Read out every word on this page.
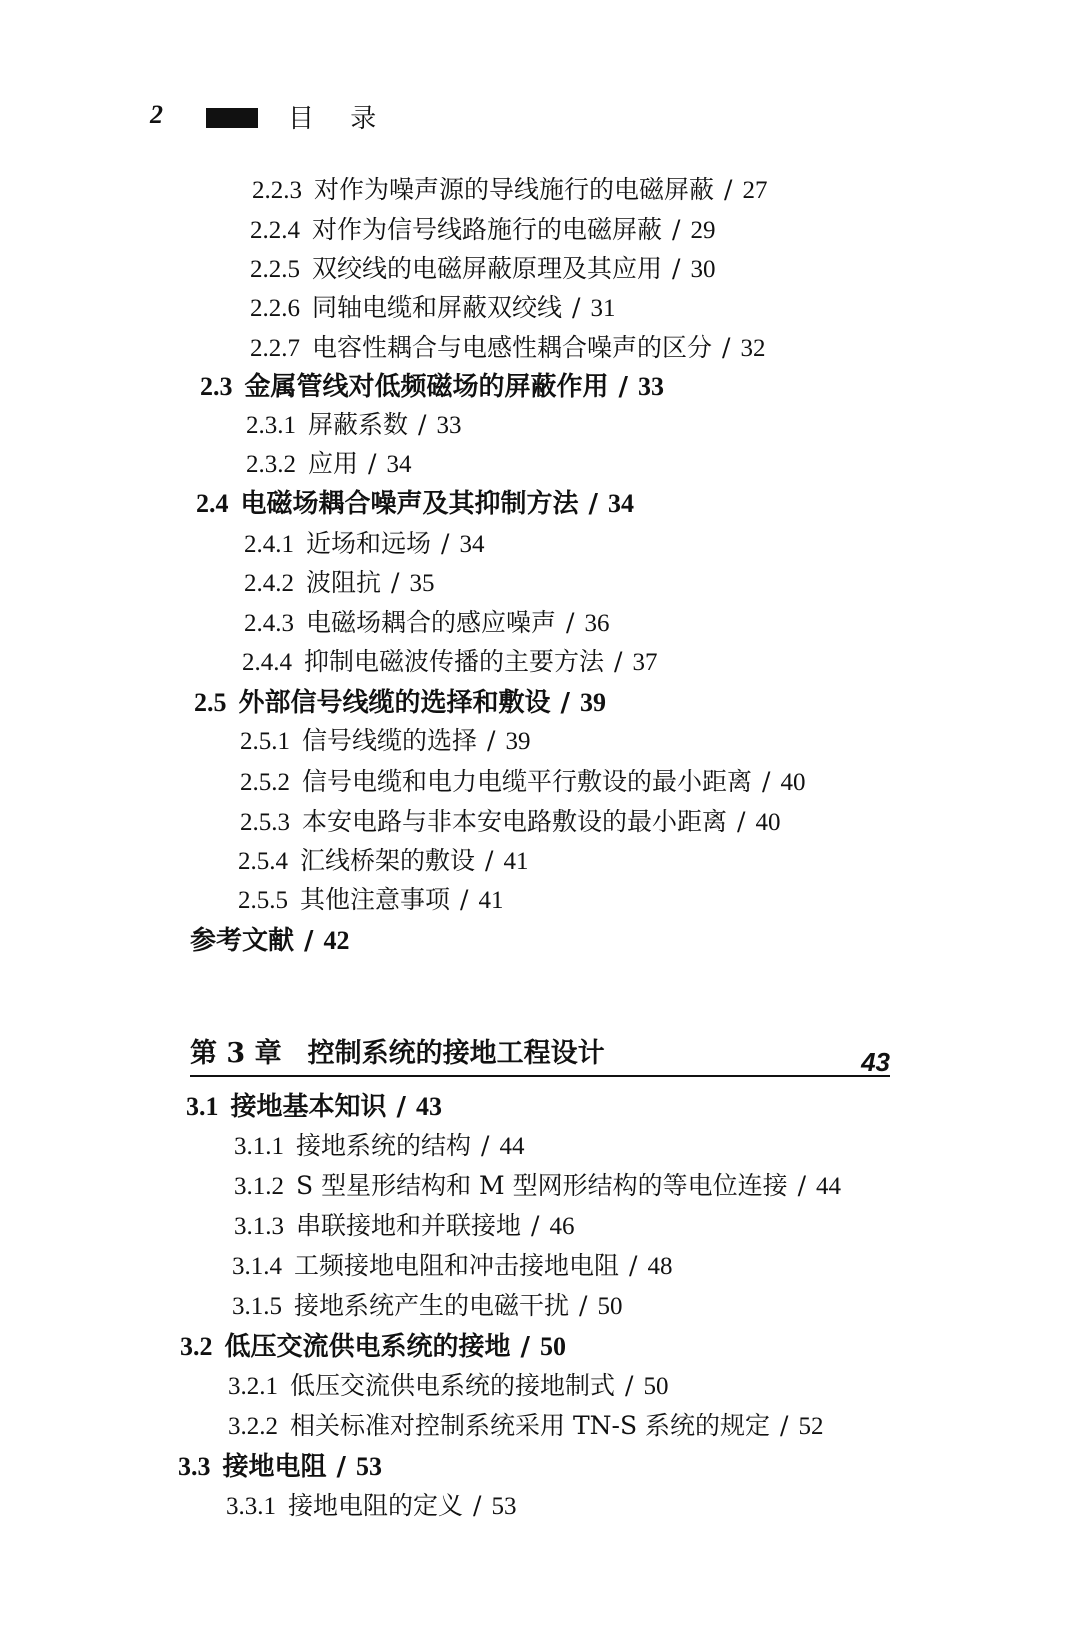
2	目 录
2.2.3 对作为噪声源的导线施行的电磁屏蔽 / 27
2.2.4 对作为信号线路施行的电磁屏蔽 / 29
2.2.5 双绞线的电磁屏蔽原理及其应用 / 30
2.2.6 同轴电缆和屏蔽双绞线 / 31
2.2.7 电容性耦合与电感性耦合噪声的区分 / 32
2.3 金属管线对低频磁场的屏蔽作用 / 33
2.3.1 屏蔽系数 / 33
2.3.2 应用 / 34
2.4 电磁场耦合噪声及其抑制方法 / 34
2.4.1 近场和远场 / 34
2.4.2 波阻抗 / 35
2.4.3 电磁场耦合的感应噪声 / 36
2.4.4 抑制电磁波传播的主要方法 / 37
2.5 外部信号线缆的选择和敷设 / 39
2.5.1 信号线缆的选择 / 39
2.5.2 信号电缆和电力电缆平行敷设的最小距离 / 40
2.5.3 本安电路与非本安电路敷设的最小距离 / 40
2.5.4 汇线桥架的敷设 / 41
2.5.5 其他注意事项 / 41
参考文献 / 42
第 3 章 控制系统的接地工程设计	43
3.1 接地基本知识 / 43
3.1.1 接地系统的结构 / 44
3.1.2 S 型星形结构和 M 型网形结构的等电位连接 / 44
3.1.3 串联接地和并联接地 / 46
3.1.4 工频接地电阻和冲击接地电阻 / 48
3.1.5 接地系统产生的电磁干扰 / 50
3.2 低压交流供电系统的接地 / 50
3.2.1 低压交流供电系统的接地制式 / 50
3.2.2 相关标准对控制系统采用 TN-S 系统的规定 / 52
3.3 接地电阻 / 53
3.3.1 接地电阻的定义 / 53
